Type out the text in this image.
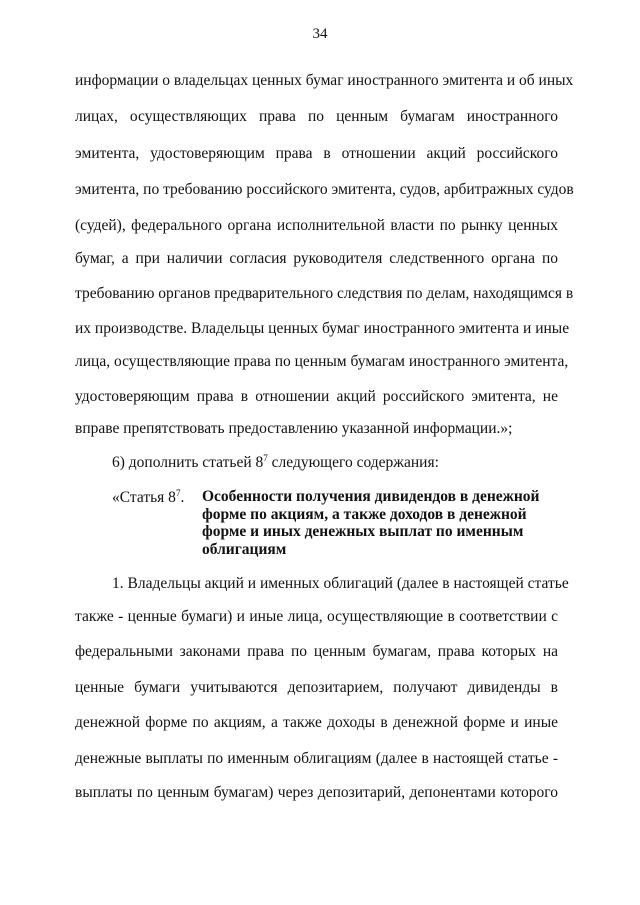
34
информации о владельцах ценных бумаг иностранного эмитента и об иных
лицах, осуществляющих права по ценным бумагам иностранного
эмитента, удостоверяющим права в отношении акций российского
эмитента, по требованию российского эмитента, судов, арбитражных судов
(судей), федерального органа исполнительной власти по рынку ценных
бумаг, а при наличии согласия руководителя следственного органа по
требованию органов предварительного следствия по делам, находящимся в
их производстве. Владельцы ценных бумаг иностранного эмитента и иные
лица, осуществляющие права по ценным бумагам иностранного эмитента,
удостоверяющим права в отношении акций российского эмитента, не
вправе препятствовать предоставлению указанной информации.»;
6) дополнить статьей $8^7$ следующего содержания:
«Статья $8^7$. Особенности получения дивидендов в денежной
форме по акциям, а также доходов в денежной
форме и иных денежных выплат по именным
облигациям
1. Владельцы акций и именных облигаций (далее в настоящей статье
также - ценные бумаги) и иные лица, осуществляющие в соответствии с
федеральными законами права по ценным бумагам, права которых на
ценные бумаги учитываются депозитарием, получают дивиденды в
денежной форме по акциям, а также доходы в денежной форме и иные
денежные выплаты по именным облигациям (далее в настоящей статье -
выплаты по ценным бумагам) через депозитарий, депонентами которого
